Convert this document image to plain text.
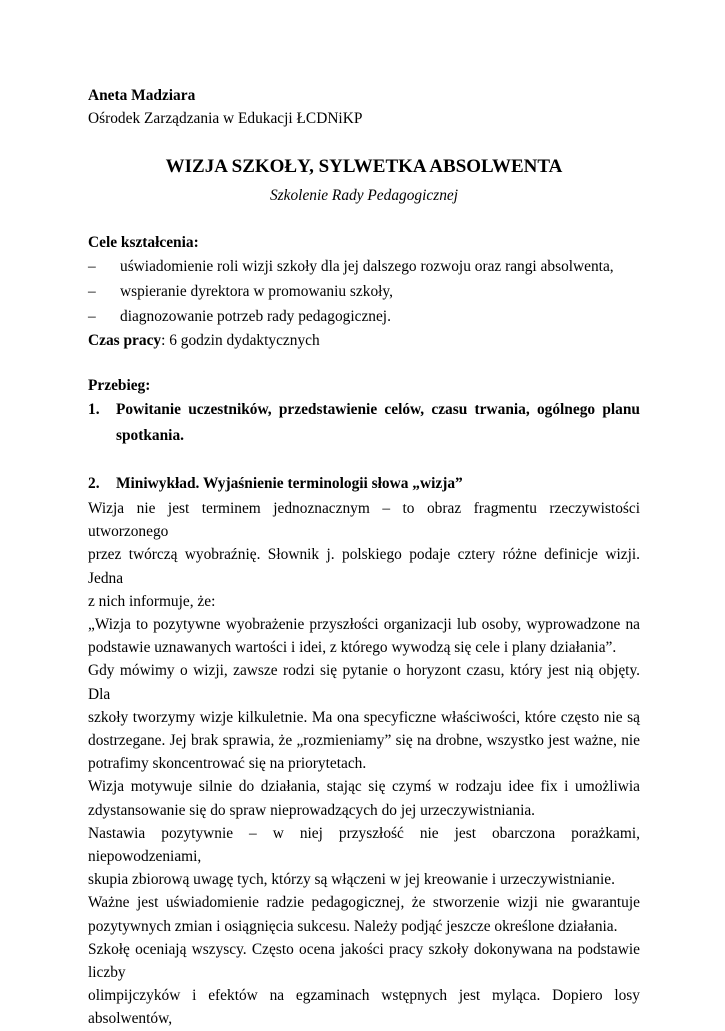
Aneta Madziara

Ośrodek Zarządzania w Edukacji ŁCDNiKP

WIZJA SZKOŁY, SYLWETKA ABSOLWENTA
Szkolenie Rady Pedagogicznej

Cele kształcenia:

–	uświadomienie roli wizji szkoły dla jej dalszego rozwoju oraz rangi absolwenta,
–	wspieranie dyrektora w promowaniu szkoły,
–	diagnozowanie potrzeb rady pedagogicznej.

Czas pracy: 6 godzin dydaktycznych

Przebieg:

1.	Powitanie uczestników, przedstawienie celów, czasu trwania, ogólnego planu
spotkania.
2.	Miniwykład. Wyjaśnienie terminologii słowa „wizja”

Wizja nie jest terminem jednoznacznym – to obraz fragmentu rzeczywistości utworzonego

przez twórczą wyobraźnię. Słownik j. polskiego podaje cztery różne definicje wizji. Jedna

z nich informuje, że:

„Wizja to pozytywne wyobrażenie przyszłości organizacji lub osoby, wyprowadzone na

podstawie uznawanych wartości i idei, z którego wywodzą się cele i plany działania”.

Gdy mówimy o wizji, zawsze rodzi się pytanie o horyzont czasu, który jest nią objęty. Dla

szkoły tworzymy wizje kilkuletnie. Ma ona specyficzne właściwości, które często nie są

dostrzegane. Jej brak sprawia, że „rozmieniamy” się na drobne, wszystko jest ważne, nie

potrafimy skoncentrować się na priorytetach.

Wizja motywuje silnie do działania, stając się czymś w rodzaju idee fix i umożliwia

zdystansowanie się do spraw nieprowadzących do jej urzeczywistniania.

Nastawia pozytywnie – w niej przyszłość nie jest obarczona porażkami, niepowodzeniami,

skupia zbiorową uwagę tych, którzy są włączeni w jej kreowanie i urzeczywistnianie.

Ważne jest uświadomienie radzie pedagogicznej, że stworzenie wizji nie gwarantuje

pozytywnych zmian i osiągnięcia sukcesu. Należy podjąć jeszcze określone działania.

Szkołę oceniają wszyscy. Często ocena jakości pracy szkoły dokonywana na podstawie liczby

olimpijczyków i efektów na egzaminach wstępnych jest myląca. Dopiero losy absolwentów,
